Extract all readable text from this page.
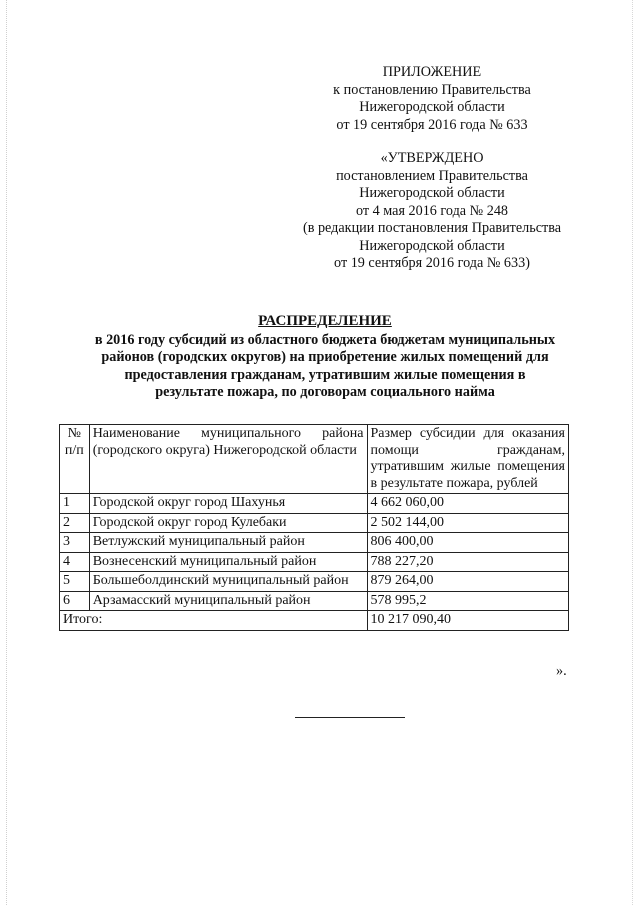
ПРИЛОЖЕНИЕ
к постановлению Правительства
Нижегородской области
от 19 сентября 2016 года № 633
«УТВЕРЖДЕНО
постановлением Правительства
Нижегородской области
от 4 мая 2016 года № 248
(в редакции постановления Правительства
Нижегородской области
от 19 сентября 2016 года № 633)
РАСПРЕДЕЛЕНИЕ
в 2016 году субсидий из областного бюджета бюджетам муниципальных
районов (городских округов) на приобретение жилых помещений для
предоставления гражданам, утратившим жилые помещения в
результате пожара, по договорам социального найма
№ п/п	Наименование муниципального района (городского округа) Нижегородской области	Размер субсидии для оказания помощи гражданам, утратившим жилые помещения в результате пожара, рублей
1	Городской округ город Шахунья	4 662 060,00
2	Городской округ город Кулебаки	2 502 144,00
3	Ветлужский муниципальный район	806 400,00
4	Вознесенский муниципальный район	788 227,20
5	Большеболдинский муниципальный район	879 264,00
6	Арзамасский муниципальный район	578 995,2
Итого:		10 217 090,40
».
